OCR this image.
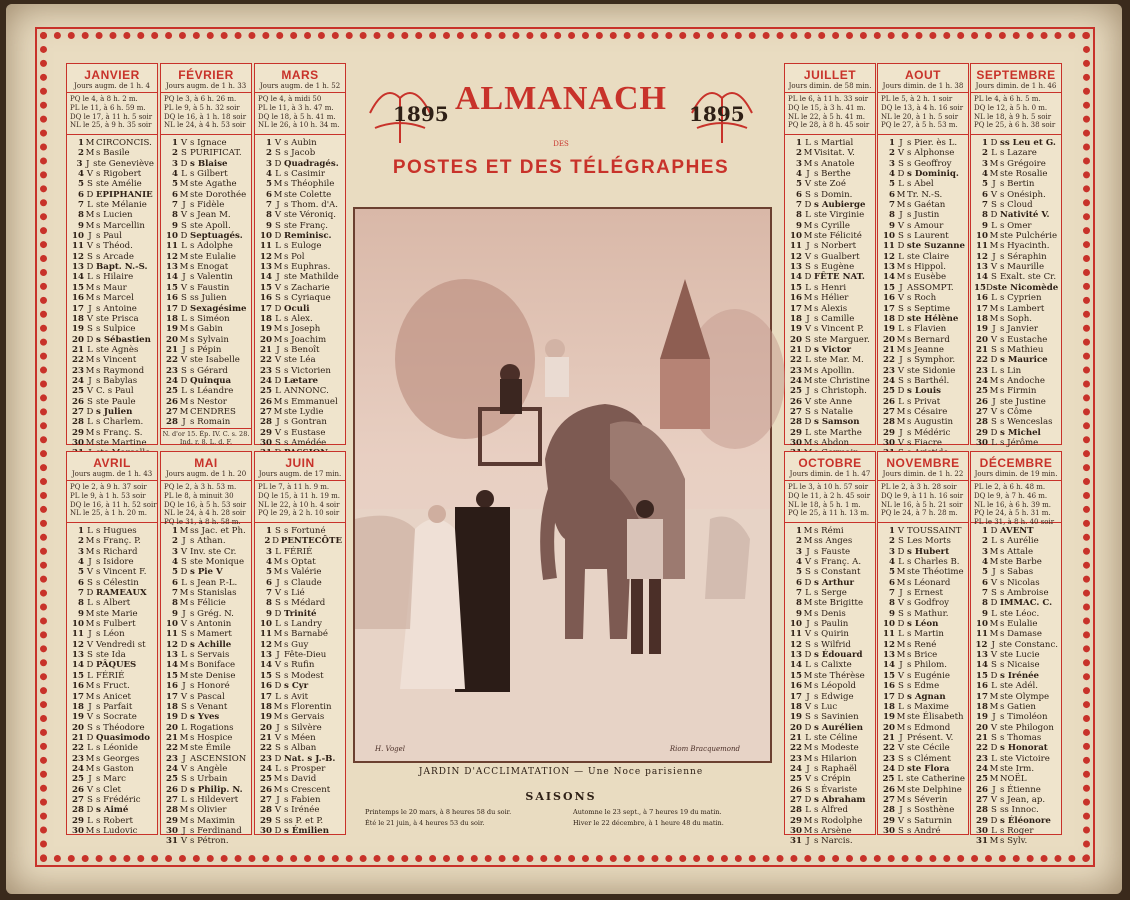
JANVIER
Jours augm. de 1 h. 4
PQ le 4, à 8 h. 2 m.
PL le 11, à 6 h. 59 m.
DQ le 17, à 11 h. 5 soir
NL le 25, à 9 h. 35 soir
1 M CIRCONCIS.
2 M s Basile
3 J ste Geneviève
4 V s Rigobert
5 S ste Amélie
6 D EPIPHANIE
7 L ste Mélanie
8 M s Lucien
9 M s Marcellin
10 J s Paul
11 V s Théod.
12 S s Arcade
13 D Bapt. N.-S.
14 L s Hilaire
15 M s Maur
16 M s Marcel
17 J s Antoine
18 V ste Prisca
19 S s Sulpice
20 D s Sébastien
21 L ste Agnès
22 M s Vincent
23 M s Raymond
24 J s Babylas
25 V C. s Paul
26 S ste Paule
27 D s Julien
28 L s Charlem.
29 M s Franç. S.
30 M ste Martine
FÉVRIER
Jours augm. de 1 h. 33
PQ le 3, à 6 h. 26 m.
PL le 9, à 5 h. 32 soir
DQ le 16, à 1 h. 18 soir
NL le 24, à 4 h. 53 soir
1 V s Ignace
2 S PURIFICAT.
3 D s Blaise
4 L s Gilbert
5 M ste Agathe
6 M ste Dorothée
7 J s Fidèle
8 V s Jean M.
9 S ste Apoll.
10 D Septuagés.
11 L s Adolphe
12 M ste Eulalie
13 M s Enogat
14 J s Valentin
15 V s Faustin
16 S ss Julien
17 D Sexagésime
18 L s Siméon
19 M s Gabin
20 M s Sylvain
21 J s Pépin
22 V ste Isabelle
23 S s Gérard
24 D Quinqua
25 L s Léandre
26 M s Nestor
27 M CENDRES
28 J s Romain
N. d'or 15. Ép. IV. C. s. 28. Ind. r. 8. L. d. F.
MARS
Jours augm. de 1 h. 52
PQ le 4, à midi 50
PL le 11, à 3 h. 47 m.
DQ le 18, à 5 h. 41 m.
NL le 26, à 10 h. 34 m.
1 V s Aubin
2 S s Jacob
3 D Quadragés.
4 L s Casimir
5 M s Théophile
6 M ste Colette
7 J s Thom. d'A.
8 V ste Véroniq.
9 S ste Franç.
10 D Reminisc.
11 L s Euloge
12 M s Pol
13 M s Euphras.
14 J ste Mathilde
15 V s Zacharie
16 S s Cyriaque
17 D Oculi
18 L s Alex.
19 M s Joseph
20 M s Joachim
21 J s Benoît
22 V ste Léa
23 S s Victorien
24 D Lætare
25 L ANNONC.
26 M s Emmanuel
27 M ste Lydie
28 J s Gontran
29 V s Eustase
30 S s Amédée
AVRIL
Jours augm. de 1 h. 43
PQ le 2, à 9 h. 37 soir
PL le 9, à 1 h. 53 soir
DQ le 16, à 11 h. 52 soir
NL le 25, à 1 h. 20 m.
1 L s Hugues
2 M s Franç. P.
3 M s Richard
4 J s Isidore
5 V s Vincent F.
6 S s Célestin
7 D RAMEAUX
8 L s Albert
9 M ste Marie
10 M s Fulbert
11 J s Léon
12 V Vendredi st
13 S ste Ida
14 D PÂQUES
15 L FÉRIÉ
16 M s Fruct.
17 M s Anicet
18 J s Parfait
19 V s Socrate
20 S s Théodore
21 D Quasimodo
22 L s Léonide
23 M s Georges
24 M s Gaston
25 J s Marc
26 V s Clet
27 S s Frédéric
28 D s Aimé
29 L s Robert
30 M s Ludovic
MAI
Jours augm. de 1 h. 20
PQ le 2, à 3 h. 53 m.
PL le 8, à minuit 30
DQ le 16, à 5 h. 53 soir
NL le 24, à 4 h. 28 soir
PQ le 31, à 8 h. 58 m.
1 M ss Jac. et Ph.
2 J s Athan.
3 V Inv. ste Cr.
4 S ste Monique
5 D s Pie V
6 L s Jean P.-L.
7 M s Stanislas
8 M s Félicie
9 J s Grég. N.
10 V s Antonin
11 S s Mamert
12 D s Achille
13 L s Servais
14 M s Boniface
15 M ste Denise
16 J s Honoré
17 V s Pascal
18 S s Venant
19 D s Yves
20 L Rogations
21 M s Hospice
22 M ste Émile
23 J ASCENSION
24 V s Angèle
25 S s Urbain
26 D s Philip. N.
27 L s Hildevert
28 M s Olivier
29 M s Maximin
30 J s Ferdinand
31 V s Pétron.
JUIN
Jours augm. de 17 min.
PL le 7, à 11 h. 9 m.
DQ le 15, à 11 h. 19 m.
NL le 22, à 10 h. 4 soir
PQ le 29, à 2 h. 10 soir
1 S s Fortuné
2 D PENTECÔTE
3 L FÉRIÉ
4 M s Optat
5 M s Valérie
6 J s Claude
7 V s Lié
8 S s Médard
9 D Trinité
10 L s Landry
11 M s Barnabé
12 M s Guy
13 J Fête-Dieu
14 V s Rufin
15 S s Modest
16 D s Cyr
17 L s Avit
18 M s Florentin
19 M s Gervais
20 J s Silvère
21 V s Méen
22 S s Alban
23 D Nat. s J.-B.
24 L s Prosper
25 M s David
26 M s Crescent
27 J s Fabien
28 V s Irénée
29 S ss P. et P.
30 D s Émilien
JUILLET
Jours dimin. de 58 min.
PL le 6, à 11 h. 33 soir
DQ le 15, à 3 h. 41 m.
NL le 22, à 5 h. 41 m.
PQ le 28, à 8 h. 45 soir
1 L s Martial
2 M Visitat. V.
3 M s Anatole
4 J s Berthe
5 V ste Zoé
6 S s Domin.
7 D s Aubierge
8 L ste Virginie
9 M s Cyrille
10 M ste Félicité
11 J s Norbert
12 V s Gualbert
13 S s Eugène
14 D FÊTE NAT.
15 L s Henri
16 M s Hélier
17 M s Alexis
18 J s Camille
19 V s Vincent P.
20 S ste Marguer.
21 D s Victor
22 L ste Mar. M.
23 M s Apollin.
24 M ste Christine
25 J s Christoph.
26 V ste Anne
27 S s Natalie
28 D s Samson
29 L ste Marthe
30 M s Abdon
AOUT
Jours dimin. de 1 h. 38
PL le 5, à 2 h. 1 soir
DQ le 13, à 4 h. 16 soir
NL le 20, à 1 h. 5 soir
PQ le 27, à 5 h. 53 m.
1 J s Pier. ès L.
2 V s Alphonse
3 S s Geoffroy
4 D s Dominiq.
5 L s Abel
6 M Tr. N.-S.
7 M s Gaétan
8 J s Justin
9 V s Amour
10 S s Laurent
11 D ste Suzanne
12 L ste Claire
13 M s Hippol.
14 M s Eusèbe
15 J ASSOMPT.
16 V s Roch
17 S s Septime
18 D ste Hélène
19 L s Flavien
20 M s Bernard
21 M s Jeanne
22 J s Symphor.
23 V ste Sidonie
24 S s Barthél.
25 D s Louis
26 L s Privat
27 M s Césaire
28 M s Augustin
29 J s Médéric
30 V s Fiacre
SEPTEMBRE
Jours dimin. de 1 h. 46
PL le 4, à 6 h. 5 m.
DQ le 12, à 5 h. 0 m.
NL le 18, à 9 h. 5 soir
PQ le 25, à 6 h. 38 soir
1 D ss Leu et G.
2 L s Lazare
3 M s Grégoire
4 M ste Rosalie
5 J s Bertin
6 V s Onésiph.
7 S s Cloud
8 D Nativité V.
9 L s Omer
10 M ste Pulchérie
11 M s Hyacinth.
12 J s Séraphin
13 V s Maurille
14 S Exalt. ste Cr.
15 D ste Nicomède
16 L s Cyprien
17 M s Lambert
18 M s Soph.
19 J s Janvier
20 V s Eustache
21 S s Mathieu
22 D s Maurice
23 L s Lin
24 M s Andoche
25 M s Firmin
26 J ste Justine
27 V s Côme
28 S s Wenceslas
29 D s Michel
30 L s Jérôme
OCTOBRE
Jours dimin. de 1 h. 47
PL le 3, à 10 h. 57 soir
DQ le 11, à 2 h. 45 soir
NL le 18, à 5 h. 1 m.
PQ le 25, à 11 h. 13 m.
1 M s Rémi
2 M ss Anges
3 J s Fauste
4 V s Franç. A.
5 S s Constant
6 D s Arthur
7 L s Serge
8 M ste Brigitte
9 M s Denis
10 J s Paulin
11 V s Quirin
12 S s Wilfrid
13 D s Édouard
14 L s Calixte
15 M ste Thérèse
16 M s Léopold
17 J s Edwige
18 V s Luc
19 S s Savinien
20 D s Aurélien
21 L ste Céline
22 M s Modeste
23 M s Hilarion
24 J s Raphaël
25 V s Crépin
26 S s Évariste
27 D s Abraham
28 L s Alfred
29 M s Rodolphe
30 M s Arsène
31 J s Narcis.
NOVEMBRE
Jours dimin. de 1 h. 22
PL le 2, à 3 h. 28 soir
DQ le 9, à 11 h. 16 soir
NL le 16, à 5 h. 21 soir
PQ le 24, à 7 h. 28 m.
1 V TOUSSAINT
2 S Les Morts
3 D s Hubert
4 L s Charles B.
5 M ste Théotime
6 M s Léonard
7 J s Ernest
8 V s Godfroy
9 S s Mathur.
10 D s Léon
11 L s Martin
12 M s René
13 M s Brice
14 J s Philom.
15 V s Eugénie
16 S s Edme
17 D s Agnan
18 L s Maxime
19 M ste Élisabeth
20 M s Edmond
21 J Présent. V.
22 V ste Cécile
23 S s Clément
24 D ste Flora
25 L ste Catherine
26 M ste Delphine
27 M s Séverin
28 J s Sosthène
29 V s Saturnin
30 S s André
DÉCEMBRE
Jours dimin. de 19 min.
PL le 2, à 6 h. 48 m.
DQ le 9, à 7 h. 46 m.
NL le 16, à 6 h. 39 m.
PQ le 24, à 5 h. 31 m.
PL le 31, à 8 h. 40 soir
1 D AVENT
2 L s Aurélie
3 M s Attale
4 M ste Barbe
5 J s Sabas
6 V s Nicolas
7 S s Ambroise
8 D IMMAC. C.
9 L ste Léoc.
10 M s Eulalie
11 M s Damase
12 J ste Constanc.
13 V ste Lucie
14 S s Nicaise
15 D s Irénée
16 L ste Adél.
17 M ste Olympe
18 M s Gatien
19 J s Timoléon
20 V ste Philogon
21 S s Thomas
22 D s Honorat
23 L ste Victoire
24 M ste Irm.
25 M NOËL
26 J s Étienne
27 V s Jean, ap.
28 S ss Innoc.
29 D s Éléonore
30 L s Roger
31 M s Sylv.
1895	1895
ALMANACH
DES
POSTES ET DES TÉLÉGRAPHES
H. Vogel	Riom Bracquemond
JARDIN D'ACCLIMATATION — Une Noce parisienne
SAISONS
Printemps le 20 mars, à 8 heures 58 du soir.
Été le 21 juin, à 4 heures 53 du soir.
Automne le 23 sept., à 7 heures 19 du matin.
Hiver le 22 décembre, à 1 heure 48 du matin.
